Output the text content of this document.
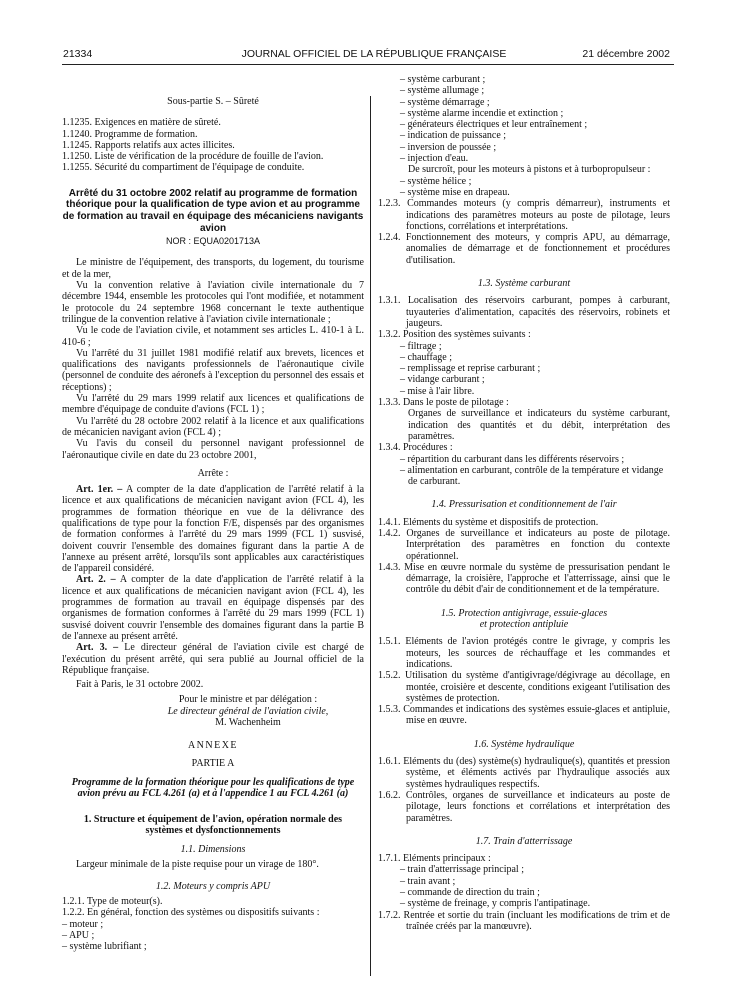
21334	JOURNAL OFFICIEL DE LA RÉPUBLIQUE FRANÇAISE	21 décembre 2002

Sous-partie S. – Sûreté

1.1235. Exigences en matière de sûreté.

1.1240. Programme de formation.

1.1245. Rapports relatifs aux actes illicites.

1.1250. Liste de vérification de la procédure de fouille de l'avion.

1.1255. Sécurité du compartiment de l'équipage de conduite.

Arrêté du 31 octobre 2002 relatif au programme de formation théorique pour la qualification de type avion et au programme de formation au travail en équipage des mécaniciens navigants avion

NOR : EQUA0201713A

Le ministre de l'équipement, des transports, du logement, du tourisme et de la mer,

Vu la convention relative à l'aviation civile internationale du 7 décembre 1944, ensemble les protocoles qui l'ont modifiée, et notamment le protocole du 24 septembre 1968 concernant le texte authentique trilingue de la convention relative à l'aviation civile internationale ;

Vu le code de l'aviation civile, et notamment ses articles L. 410-1 à L. 410-6 ;

Vu l'arrêté du 31 juillet 1981 modifié relatif aux brevets, licences et qualifications des navigants professionnels de l'aéronautique civile (personnel de conduite des aéronefs à l'exception du personnel des essais et réceptions) ;

Vu l'arrêté du 29 mars 1999 relatif aux licences et qualifications de membre d'équipage de conduite d'avions (FCL 1) ;

Vu l'arrêté du 28 octobre 2002 relatif à la licence et aux qualifications de mécanicien navigant avion (FCL 4) ;

Vu l'avis du conseil du personnel navigant professionnel de l'aéronautique civile en date du 23 octobre 2001,

Arrête :

Art. 1er. – A compter de la date d'application de l'arrêté relatif à la licence et aux qualifications de mécanicien navigant avion (FCL 4), les programmes de formation théorique en vue de la délivrance des qualifications de type pour la fonction F/E, dispensés par des organismes de formation conformes à l'arrêté du 29 mars 1999 (FCL 1) susvisé, doivent couvrir l'ensemble des domaines figurant dans la partie A de l'annexe au présent arrêté, lorsqu'ils sont applicables aux caractéristiques de l'appareil considéré.

Art. 2. – A compter de la date d'application de l'arrêté relatif à la licence et aux qualifications de mécanicien navigant avion (FCL 4), les programmes de formation au travail en équipage dispensés par des organismes de formation conformes à l'arrêté du 29 mars 1999 (FCL 1) susvisé doivent couvrir l'ensemble des domaines figurant dans la partie B de l'annexe au présent arrêté.

Art. 3. – Le directeur général de l'aviation civile est chargé de l'exécution du présent arrêté, qui sera publié au Journal officiel de la République française.

Fait à Paris, le 31 octobre 2002.

Pour le ministre et par délégation :

Le directeur général de l'aviation civile,

M. Wachenheim

ANNEXE

PARTIE A

Programme de la formation théorique pour les qualifications de type avion prévu au FCL 4.261 (a) et à l'appendice 1 au FCL 4.261 (a)

1. Structure et équipement de l'avion, opération normale des systèmes et dysfonctionnements

1.1. Dimensions

Largeur minimale de la piste requise pour un virage de 180°.

1.2. Moteurs y compris APU

1.2.1. Type de moteur(s).

1.2.2. En général, fonction des systèmes ou dispositifs suivants :

– moteur ;

– APU ;

– système lubrifiant ;

– système carburant ;

– système allumage ;

– système démarrage ;

– système alarme incendie et extinction ;

– générateurs électriques et leur entraînement ;

– indication de puissance ;

– inversion de poussée ;

– injection d'eau.

De surcroît, pour les moteurs à pistons et à turbopropulseur :

– système hélice ;

– système mise en drapeau.

1.2.3. Commandes moteurs (y compris démarreur), instruments et indications des paramètres moteurs au poste de pilotage, leurs fonctions, corrélations et interprétations.

1.2.4. Fonctionnement des moteurs, y compris APU, au démarrage, anomalies de démarrage et de fonctionnement et procédures d'utilisation.

1.3. Système carburant

1.3.1. Localisation des réservoirs carburant, pompes à carburant, tuyauteries d'alimentation, capacités des réservoirs, robinets et jaugeurs.

1.3.2. Position des systèmes suivants :

– filtrage ;

– chauffage ;

– remplissage et reprise carburant ;

– vidange carburant ;

– mise à l'air libre.

1.3.3. Dans le poste de pilotage :

Organes de surveillance et indicateurs du système carburant, indication des quantités et du débit, interprétation des paramètres.

1.3.4. Procédures :

– répartition du carburant dans les différents réservoirs ;

– alimentation en carburant, contrôle de la température et vidange de carburant.

1.4. Pressurisation et conditionnement de l'air

1.4.1. Eléments du système et dispositifs de protection.

1.4.2. Organes de surveillance et indicateurs au poste de pilotage. Interprétation des paramètres en fonction du contexte opérationnel.

1.4.3. Mise en œuvre normale du système de pressurisation pendant le démarrage, la croisière, l'approche et l'atterrissage, ainsi que le contrôle du débit d'air de conditionnement et de la température.

1.5. Protection antigivrage, essuie-glaces et protection antipluie

1.5.1. Eléments de l'avion protégés contre le givrage, y compris les moteurs, les sources de réchauffage et les commandes et indications.

1.5.2. Utilisation du système d'antigivrage/dégivrage au décollage, en montée, croisière et descente, conditions exigeant l'utilisation des systèmes de protection.

1.5.3. Commandes et indications des systèmes essuie-glaces et antipluie, mise en œuvre.

1.6. Système hydraulique

1.6.1. Eléments du (des) système(s) hydraulique(s), quantités et pression système, et éléments activés par l'hydraulique associés aux systèmes hydrauliques respectifs.

1.6.2. Contrôles, organes de surveillance et indicateurs au poste de pilotage, leurs fonctions et corrélations et interprétation des paramètres.

1.7. Train d'atterrissage

1.7.1. Eléments principaux :

– train d'atterrissage principal ;

– train avant ;

– commande de direction du train ;

– système de freinage, y compris l'antipatinage.

1.7.2. Rentrée et sortie du train (incluant les modifications de trim et de traînée créés par la manœuvre).
